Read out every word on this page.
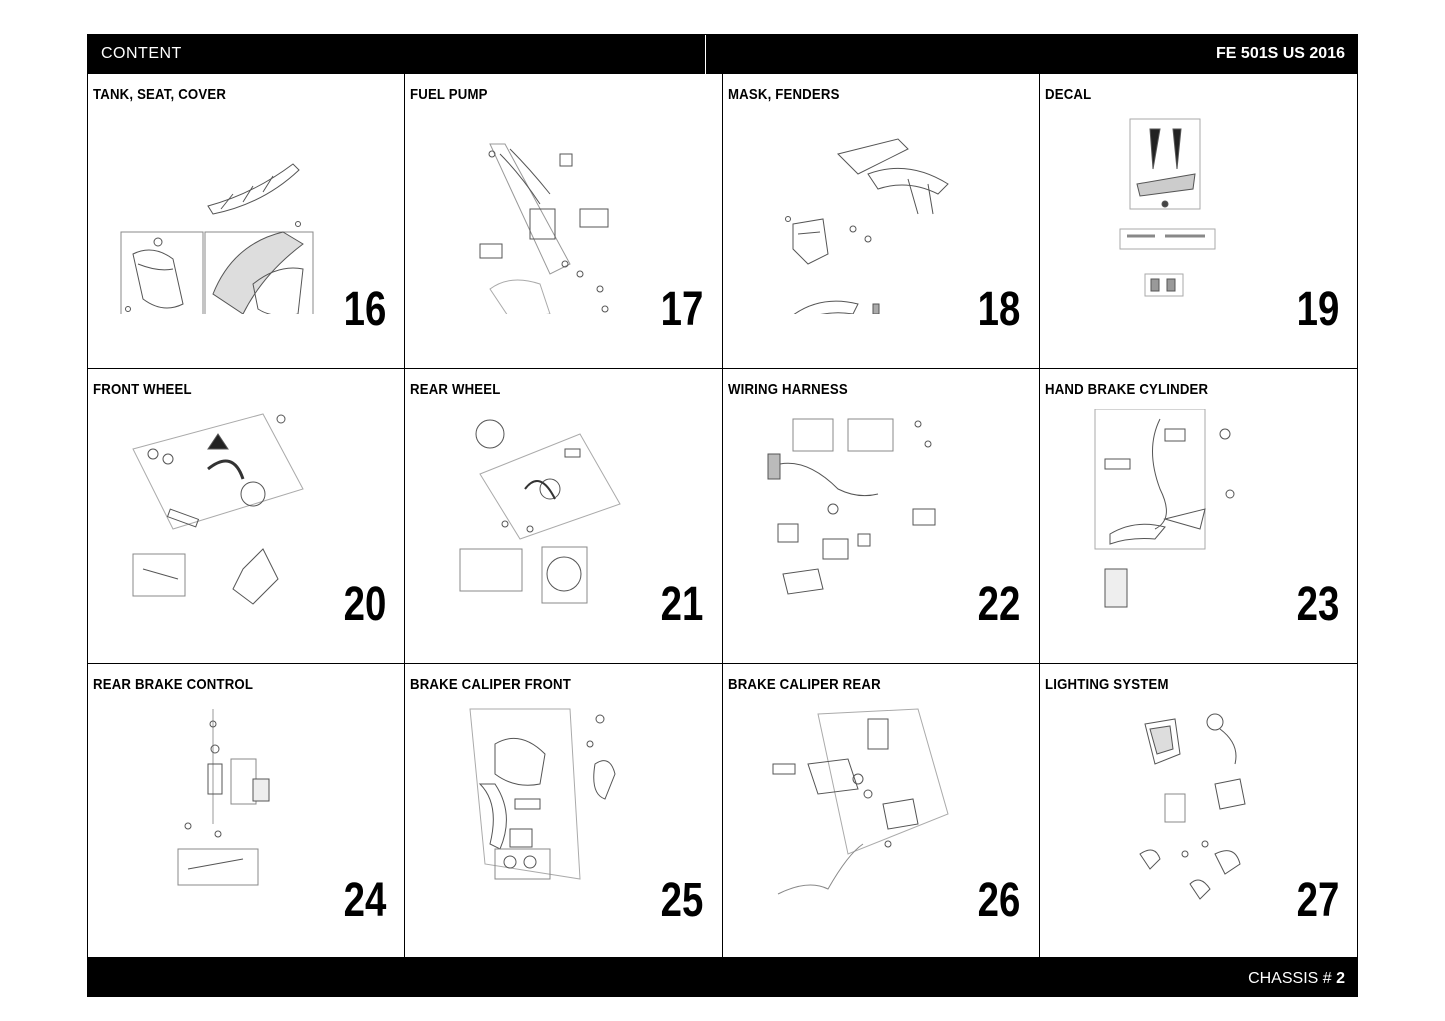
CONTENT	FE 501S US 2016
TANK, SEAT, COVER
16
FUEL PUMP
17
MASK, FENDERS
18
DECAL
19
FRONT WHEEL
20
REAR WHEEL
21
WIRING HARNESS
22
HAND BRAKE CYLINDER
23
REAR BRAKE CONTROL
24
BRAKE CALIPER FRONT
25
BRAKE CALIPER REAR
26
LIGHTING SYSTEM
27
CHASSIS # 2
